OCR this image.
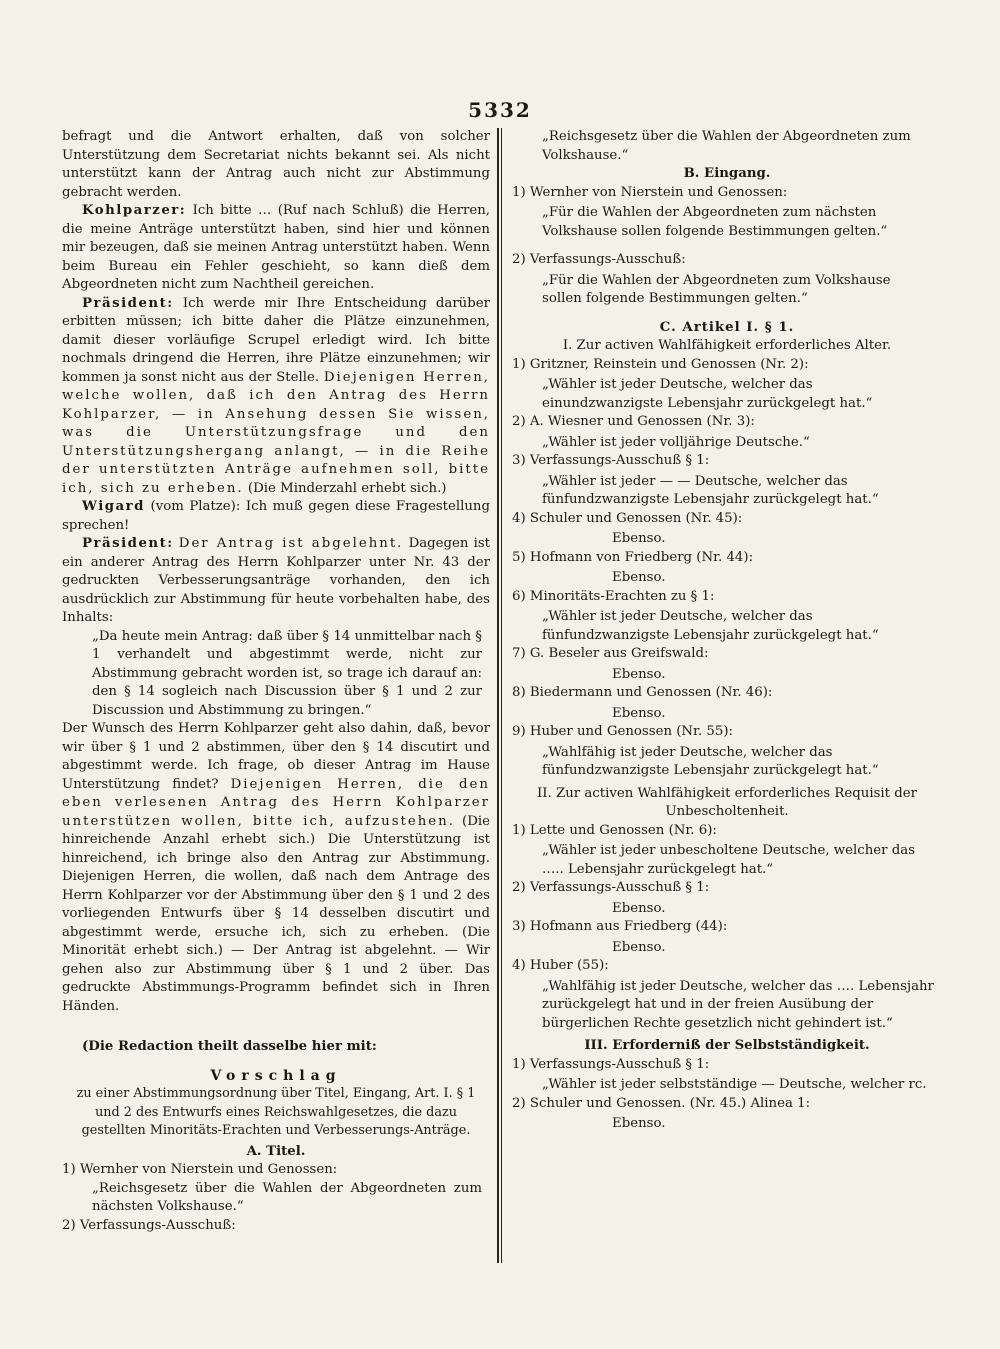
5332

befragt und die Antwort erhalten, daß von solcher Unterstützung dem Secretariat nichts bekannt sei. Als nicht unterstützt kann der Antrag auch nicht zur Abstimmung gebracht werden.

Kohlparzer: Ich bitte … (Ruf nach Schluß) die Herren, die meine Anträge unterstützt haben, sind hier und können mir bezeugen, daß sie meinen Antrag unterstützt haben. Wenn beim Bureau ein Fehler geschieht, so kann dieß dem Abgeordneten nicht zum Nachtheil gereichen.

Präsident: Ich werde mir Ihre Entscheidung darüber erbitten müssen; ich bitte daher die Plätze einzunehmen, damit dieser vorläufige Scrupel erledigt wird. Ich bitte nochmals dringend die Herren, ihre Plätze einzunehmen; wir kommen ja sonst nicht aus der Stelle. Diejenigen Herren, welche wollen, daß ich den Antrag des Herrn Kohlparzer, — in Ansehung dessen Sie wissen, was die Unterstützungsfrage und den Unterstützungshergang anlangt, — in die Reihe der unterstützten Anträge aufnehmen soll, bitte ich, sich zu erheben. (Die Minderzahl erhebt sich.)

Wigard (vom Platze): Ich muß gegen diese Fragestellung sprechen!

Präsident: Der Antrag ist abgelehnt. Dagegen ist ein anderer Antrag des Herrn Kohlparzer unter Nr. 43 der gedruckten Verbesserungsanträge vorhanden, den ich ausdrücklich zur Abstimmung für heute vorbehalten habe, des Inhalts:

„Da heute mein Antrag: daß über § 14 unmittelbar nach § 1 verhandelt und abgestimmt werde, nicht zur Abstimmung gebracht worden ist, so trage ich darauf an: den § 14 sogleich nach Discussion über § 1 und 2 zur Discussion und Abstimmung zu bringen.“

Der Wunsch des Herrn Kohlparzer geht also dahin, daß, bevor wir über § 1 und 2 abstimmen, über den § 14 discutirt und abgestimmt werde. Ich frage, ob dieser Antrag im Hause Unterstützung findet? Diejenigen Herren, die den eben verlesenen Antrag des Herrn Kohlparzer unterstützen wollen, bitte ich, aufzustehen. (Die hinreichende Anzahl erhebt sich.) Die Unterstützung ist hinreichend, ich bringe also den Antrag zur Abstimmung. Diejenigen Herren, die wollen, daß nach dem Antrage des Herrn Kohlparzer vor der Abstimmung über den § 1 und 2 des vorliegenden Entwurfs über § 14 desselben discutirt und abgestimmt werde, ersuche ich, sich zu erheben. (Die Minorität erhebt sich.) — Der Antrag ist abgelehnt. — Wir gehen also zur Abstimmung über § 1 und 2 über. Das gedruckte Abstimmungs-Programm befindet sich in Ihren Händen.

(Die Redaction theilt dasselbe hier mit:

Vorschlag

zu einer Abstimmungsordnung über Titel, Eingang, Art. I. § 1 und 2 des Entwurfs eines Reichswahlgesetzes, die dazu gestellten Minoritäts-Erachten und Verbesserungs-Anträge.

A. Titel.

1) Wernher von Nierstein und Genossen:

„Reichsgesetz über die Wahlen der Abgeordneten zum nächsten Volkshause.“

2) Verfassungs-Ausschuß:

„Reichsgesetz über die Wahlen der Abgeordneten zum Volkshause.“

B. Eingang.

1) Wernher von Nierstein und Genossen:

„Für die Wahlen der Abgeordneten zum nächsten Volkshause sollen folgende Bestimmungen gelten.“

2) Verfassungs-Ausschuß:

„Für die Wahlen der Abgeordneten zum Volkshause sollen folgende Bestimmungen gelten.“

C. Artikel I. § 1.

I. Zur activen Wahlfähigkeit erforderliches Alter.

1) Gritzner, Reinstein und Genossen (Nr. 2):

„Wähler ist jeder Deutsche, welcher das einundzwanzigste Lebensjahr zurückgelegt hat.“

2) A. Wiesner und Genossen (Nr. 3):

„Wähler ist jeder volljährige Deutsche.“

3) Verfassungs-Ausschuß § 1:

„Wähler ist jeder — — Deutsche, welcher das fünfundzwanzigste Lebensjahr zurückgelegt hat.“

4) Schuler und Genossen (Nr. 45):

Ebenso.

5) Hofmann von Friedberg (Nr. 44):

Ebenso.

6) Minoritäts-Erachten zu § 1:

„Wähler ist jeder Deutsche, welcher das fünfundzwanzigste Lebensjahr zurückgelegt hat.“

7) G. Beseler aus Greifswald:

Ebenso.

8) Biedermann und Genossen (Nr. 46):

Ebenso.

9) Huber und Genossen (Nr. 55):

„Wahlfähig ist jeder Deutsche, welcher das fünfundzwanzigste Lebensjahr zurückgelegt hat.“

II. Zur activen Wahlfähigkeit erforderliches Requisit der Unbescholtenheit.

1) Lette und Genossen (Nr. 6):

„Wähler ist jeder unbescholtene Deutsche, welcher das ….. Lebensjahr zurückgelegt hat.“

2) Verfassungs-Ausschuß § 1:

Ebenso.

3) Hofmann aus Friedberg (44):

Ebenso.

4) Huber (55):

„Wahlfähig ist jeder Deutsche, welcher das …. Lebensjahr zurückgelegt hat und in der freien Ausübung der bürgerlichen Rechte gesetzlich nicht gehindert ist.“

III. Erforderniß der Selbstständigkeit.

1) Verfassungs-Ausschuß § 1:

„Wähler ist jeder selbstständige — Deutsche, welcher rc.

2) Schuler und Genossen. (Nr. 45.) Alinea 1:

Ebenso.
